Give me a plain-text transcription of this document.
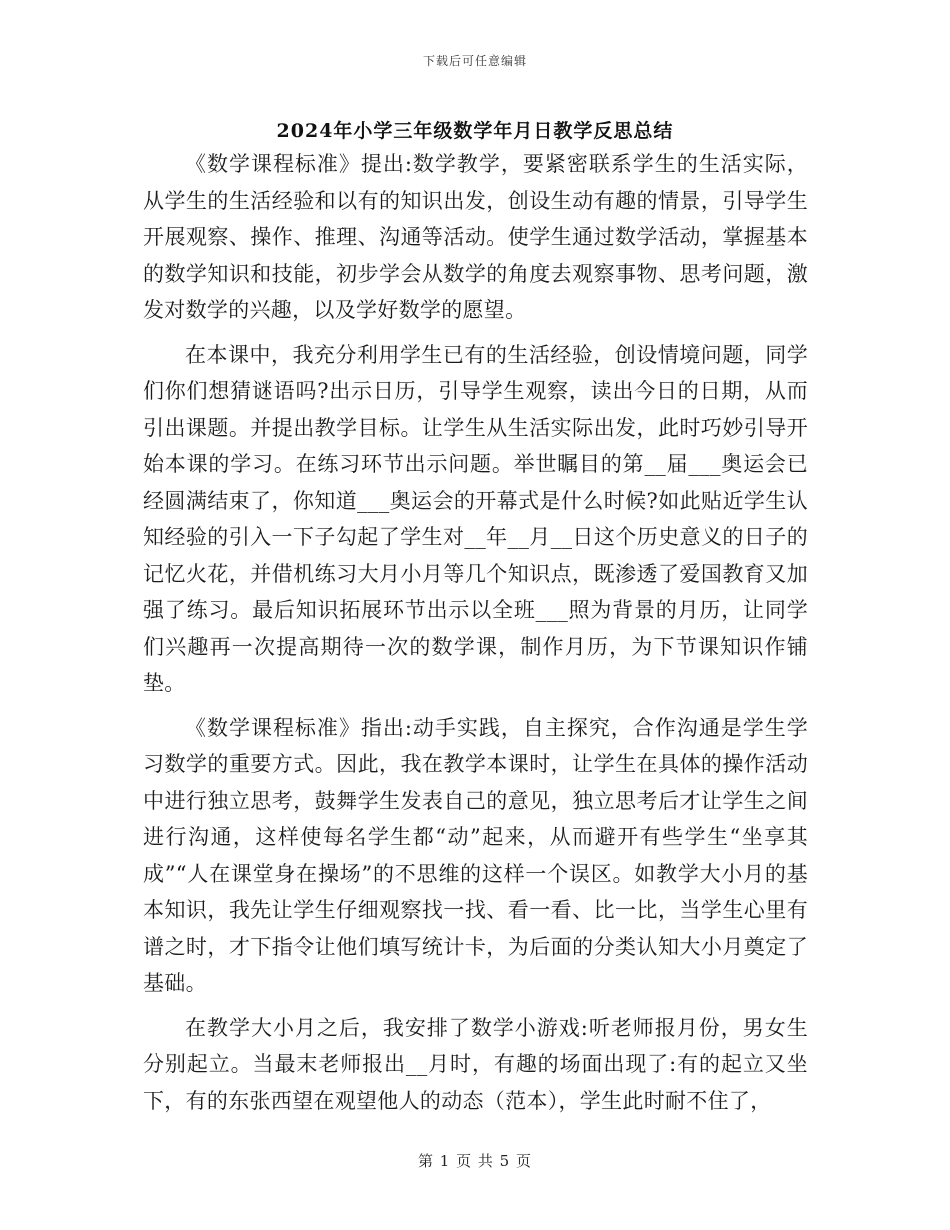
下载后可任意编辑
2024年小学三年级数学年月日教学反思总结

《数学课程标准》提出:数学教学，要紧密联系学生的生活实际，从学生的生活经验和以有的知识出发，创设生动有趣的情景，引导学生开展观察、操作、推理、沟通等活动。使学生通过数学活动，掌握基本的数学知识和技能，初步学会从数学的角度去观察事物、思考问题，激发对数学的兴趣，以及学好数学的愿望。

在本课中，我充分利用学生已有的生活经验，创设情境问题，同学们你们想猜谜语吗?出示日历，引导学生观察，读出今日的日期，从而引出课题。并提出教学目标。让学生从生活实际出发，此时巧妙引导开始本课的学习。在练习环节出示问题。举世瞩目的第__届___奥运会已经圆满结束了，你知道___奥运会的开幕式是什么时候?如此贴近学生认知经验的引入一下子勾起了学生对__年__月__日这个历史意义的日子的记忆火花，并借机练习大月小月等几个知识点，既渗透了爱国教育又加强了练习。最后知识拓展环节出示以全班___照为背景的月历，让同学们兴趣再一次提高期待一次的数学课，制作月历，为下节课知识作铺垫。

《数学课程标准》指出:动手实践，自主探究，合作沟通是学生学习数学的重要方式。因此，我在教学本课时，让学生在具体的操作活动中进行独立思考，鼓舞学生发表自己的意见，独立思考后才让学生之间进行沟通，这样使每名学生都“动”起来，从而避开有些学生“坐享其成”“人在课堂身在操场”的不思维的这样一个误区。如教学大小月的基本知识，我先让学生仔细观察找一找、看一看、比一比，当学生心里有谱之时，才下指令让他们填写统计卡，为后面的分类认知大小月奠定了基础。

在教学大小月之后，我安排了数学小游戏:听老师报月份，男女生分别起立。当最末老师报出__月时，有趣的场面出现了:有的起立又坐下，有的东张西望在观望他人的动态（范本），学生此时耐不住了，

第 1 页 共 5 页
